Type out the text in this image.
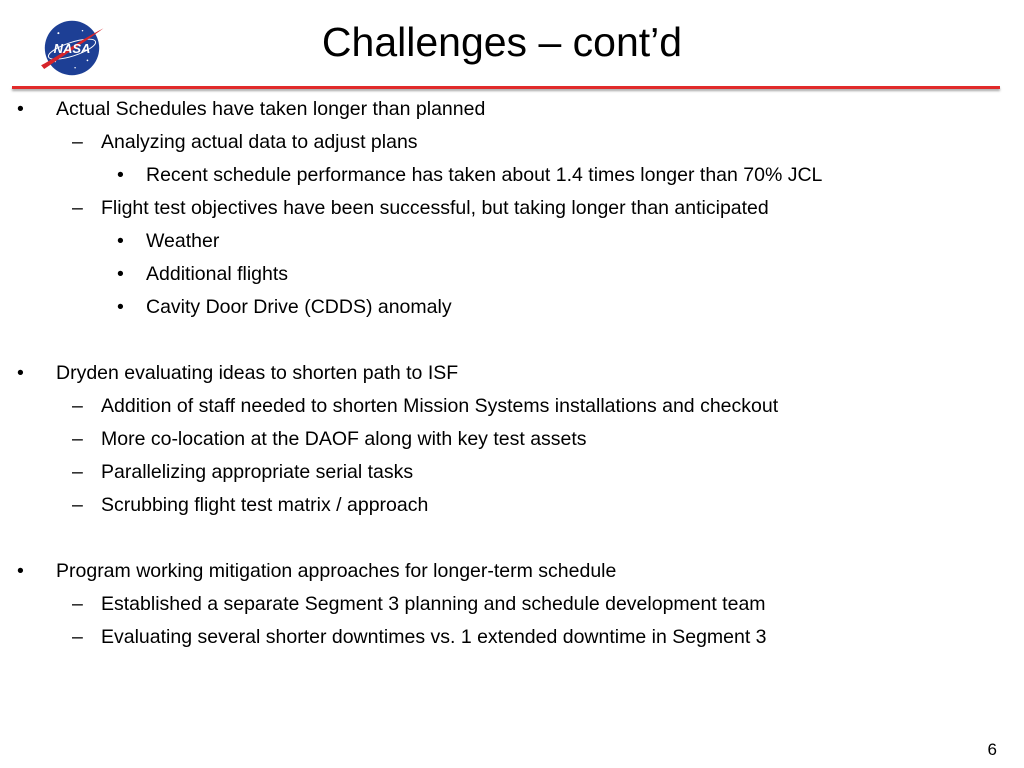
NASA	Challenges – cont’d
• Actual Schedules have taken longer than planned
– Analyzing actual data to adjust plans
• Recent schedule performance has taken about 1.4 times longer than 70% JCL
– Flight test objectives have been successful, but taking longer than anticipated
• Weather
• Additional flights
• Cavity Door Drive (CDDS) anomaly
• Dryden evaluating ideas to shorten path to ISF
– Addition of staff needed to shorten Mission Systems installations and checkout
– More co-location at the DAOF along with key test assets
– Parallelizing appropriate serial tasks
– Scrubbing flight test matrix / approach
• Program working mitigation approaches for longer-term schedule
– Established a separate Segment 3 planning and schedule development team
– Evaluating several shorter downtimes vs. 1 extended downtime in Segment 3
6
